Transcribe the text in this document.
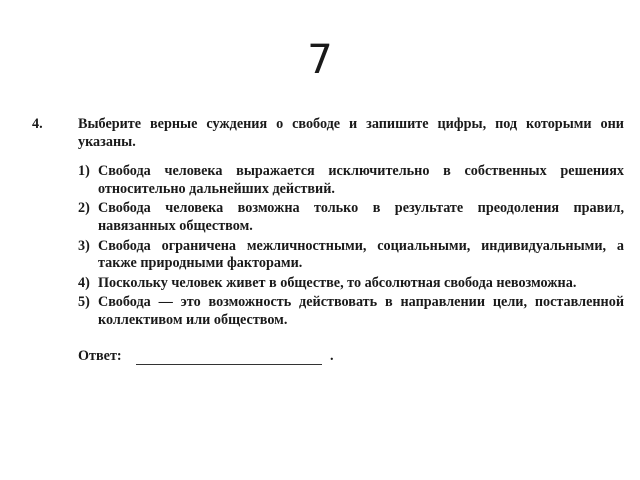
7
4.	Выберите верные суждения о свободе и запишите цифры, под которыми они указаны.
1) Свобода человека выражается исключительно в собственных решениях относительно дальнейших действий.
2) Свобода человека возможна только в результате преодоления правил, навязанных обществом.
3) Свобода ограничена межличностными, социальными, индивидуальными, а также природными факторами.
4) Поскольку человек живет в обществе, то абсолютная свобода невозможна.
5) Свобода — это возможность действовать в направлении цели, поставленной коллективом или обществом.
Ответ:	.
